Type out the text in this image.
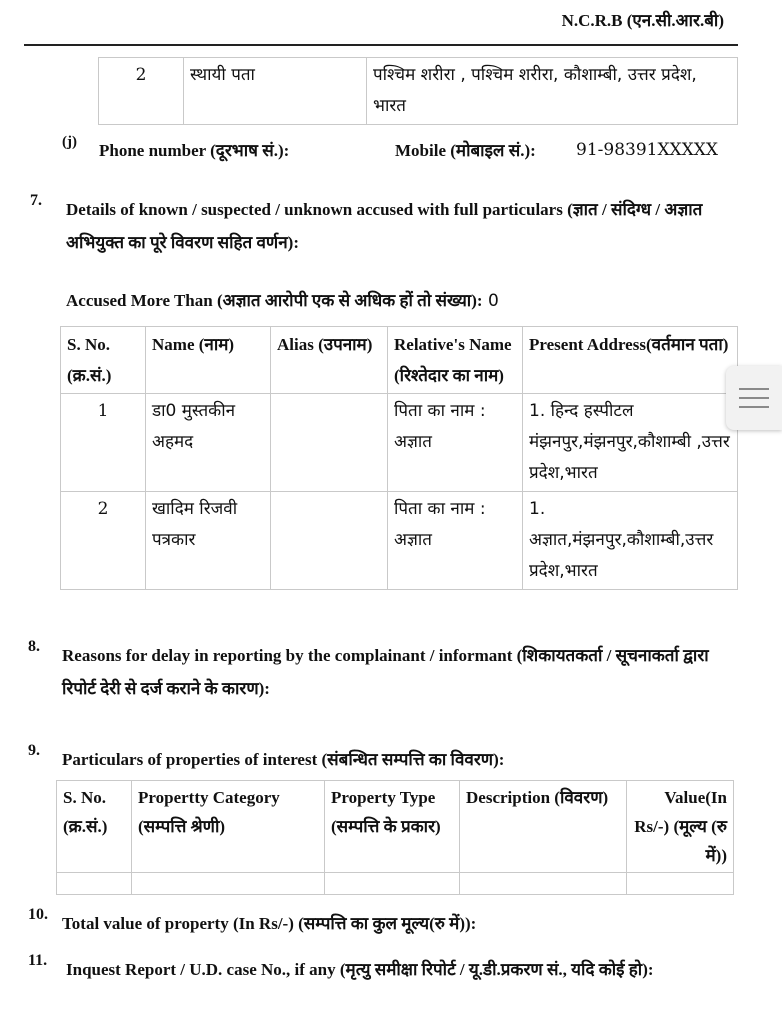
N.C.R.B (एन.सी.आर.बी)
2	स्थायी पता	पश्चिम शरीरा , पश्चिम शरीरा, कौशाम्बी, उत्तर प्रदेश, भारत
(j) Phone number (दूरभाष सं.):	Mobile (मोबाइल सं.): 91-98391XXXXX
7. Details of known / suspected / unknown accused with full particulars (ज्ञात / संदिग्ध / अज्ञात अभियुक्त का पूरे विवरण सहित वर्णन):
Accused More Than (अज्ञात आरोपी एक से अधिक हों तो संख्या): 0
S. No. (क्र.सं.)	Name (नाम)	Alias (उपनाम)	Relative's Name (रिश्तेदार का नाम)	Present Address(वर्तमान पता)
1	डा0 मुस्तकीन अहमद		पिता का नाम : अज्ञात	1. हिन्द हस्पीटल मंझनपुर,मंझनपुर,कौशाम्बी ,उत्तर प्रदेश,भारत
2	खादिम रिजवी पत्रकार		पिता का नाम : अज्ञात	1. अज्ञात,मंझनपुर,कौशाम्बी,उत्तर प्रदेश,भारत
8. Reasons for delay in reporting by the complainant / informant (शिकायतकर्ता / सूचनाकर्ता द्वारा रिपोर्ट देरी से दर्ज कराने के कारण):
9. Particulars of properties of interest (संबन्धित सम्पत्ति का विवरण):
S. No. (क्र.सं.)	Propertty Category (सम्पत्ति श्रेणी)	Property Type (सम्पत्ति के प्रकार)	Description (विवरण)	Value(In Rs/-) (मूल्य (रु में))

10. Total value of property (In Rs/-) (सम्पत्ति का कुल मूल्य(रु में)):
11. Inquest Report / U.D. case No., if any (मृत्यु समीक्षा रिपोर्ट / यू.डी.प्रकरण सं., यदि कोई हो):
